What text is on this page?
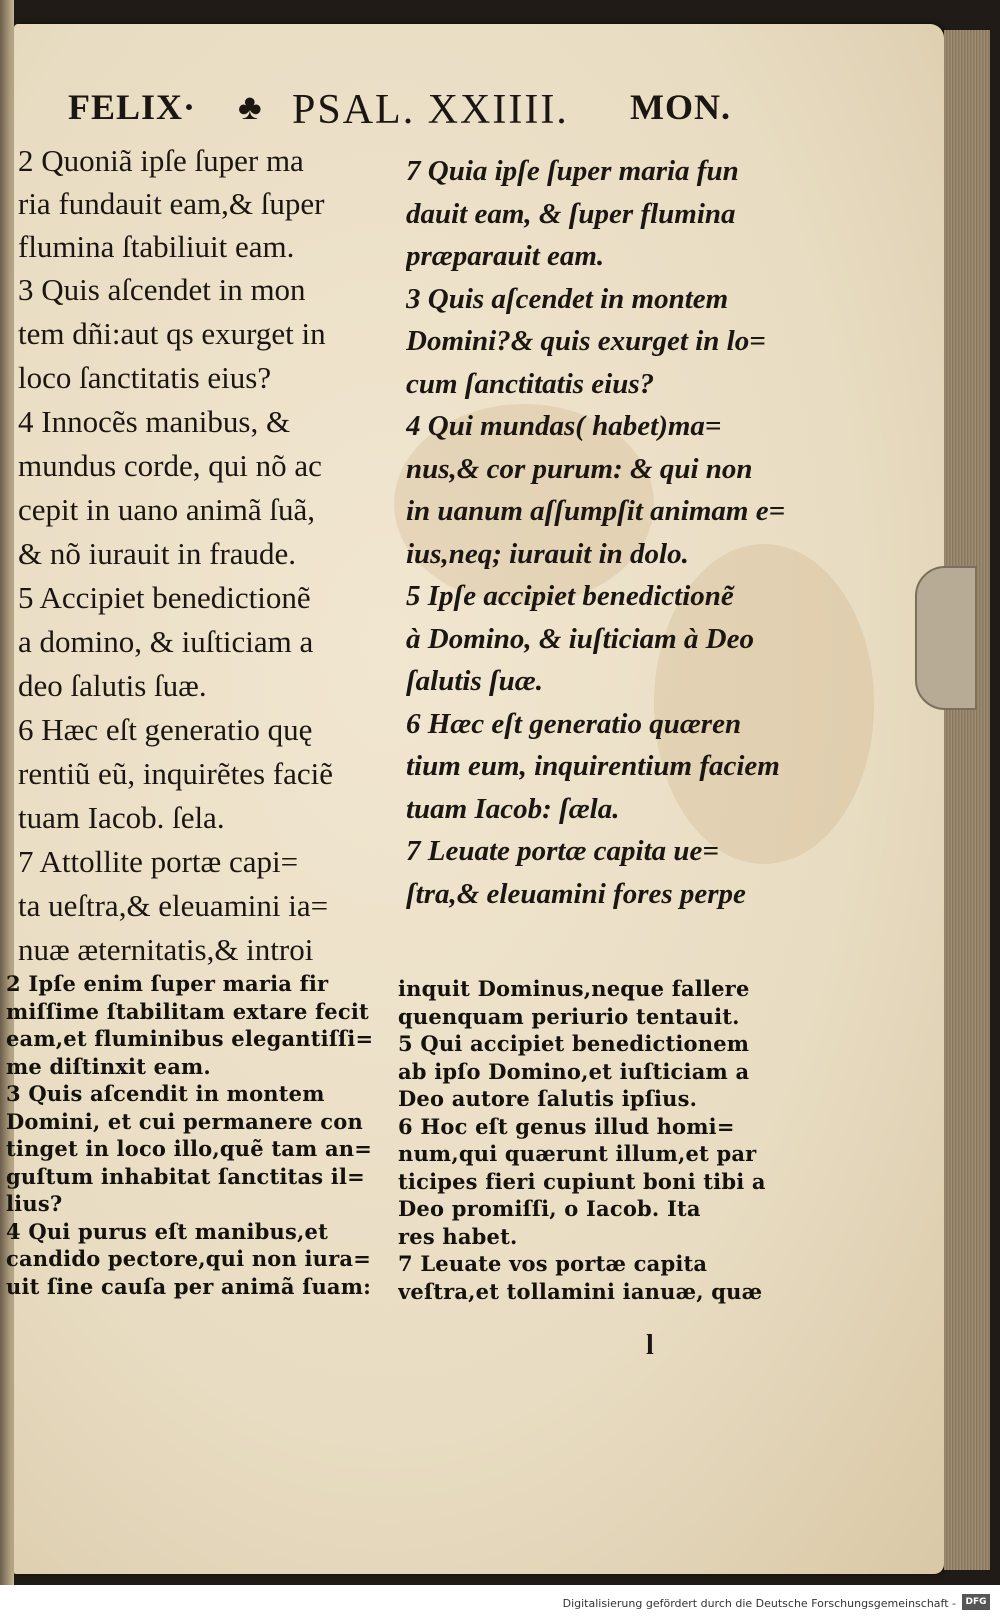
FELIX· ♣ PSAL. XXIIII. MON.
2 Quoniã ipſe ſuper ma
ria fundauit eam,& ſuper
flumina ſtabiliuit eam.
3 Quis aſcendet in mon
tem dñi:aut qs exurget in
loco ſanctitatis eius?
4 Innocẽs manibus, &
mundus corde, qui nõ ac
cepit in uano animã ſuã,
& nõ iurauit in fraude.
5 Accipiet benedictionẽ
a domino, & iuſticiam a
deo ſalutis ſuæ.
6 Hæc eſt generatio quę
rentiũ eũ, inquirẽtes faciẽ
tuam Iacob. ſela.
7 Attollite portæ capi=
ta ueſtra,& eleuamini ia=
nuæ æternitatis,& introi
7 Quia ipſe ſuper maria fun
dauit eam, & ſuper flumina
præparauit eam.
3 Quis aſcendet in montem
Domini?& quis exurget in lo=
cum ſanctitatis eius?
4 Qui mundas( habet)ma=
nus,& cor purum: & qui non
in uanum aſſumpſit animam e=
ius,neq; iurauit in dolo.
5 Ipſe accipiet benedictionẽ
à Domino, & iuſticiam à Deo
ſalutis ſuæ.
6 Hæc eſt generatio quæren
tium eum, inquirentium faciem
tuam Iacob: ſæla.
7 Leuate portæ capita ue=
ſtra,& eleuamini fores perpe
2 Ipſe enim ſuper maria fir
miſſime ſtabilitam extare fecit
eam,et fluminibus elegantiſſi=
me diſtinxit eam.
3 Quis aſcendit in montem
Domini, et cui permanere con
tinget in loco illo,quẽ tam an=
guſtum inhabitat ſanctitas il=
lius?
4 Qui purus eſt manibus,et
candido pectore,qui non iura=
uit ſine cauſa per animã ſuam:
inquit Dominus,neque fallere
quenquam periurio tentauit.
5 Qui accipiet benedictionem
ab ipſo Domino,et iuſticiam a
Deo autore ſalutis ipſius.
6 Hoc eſt genus illud homi=
num,qui quærunt illum,et par
ticipes fieri cupiunt boni tibi a
Deo promiſſi, o Iacob. Ita
res habet.
7 Leuate vos portæ capita
veſtra,et tollamini ianuæ, quæ
l
Digitalisierung gefördert durch die Deutsche Forschungsgemeinschaft -	DFG
